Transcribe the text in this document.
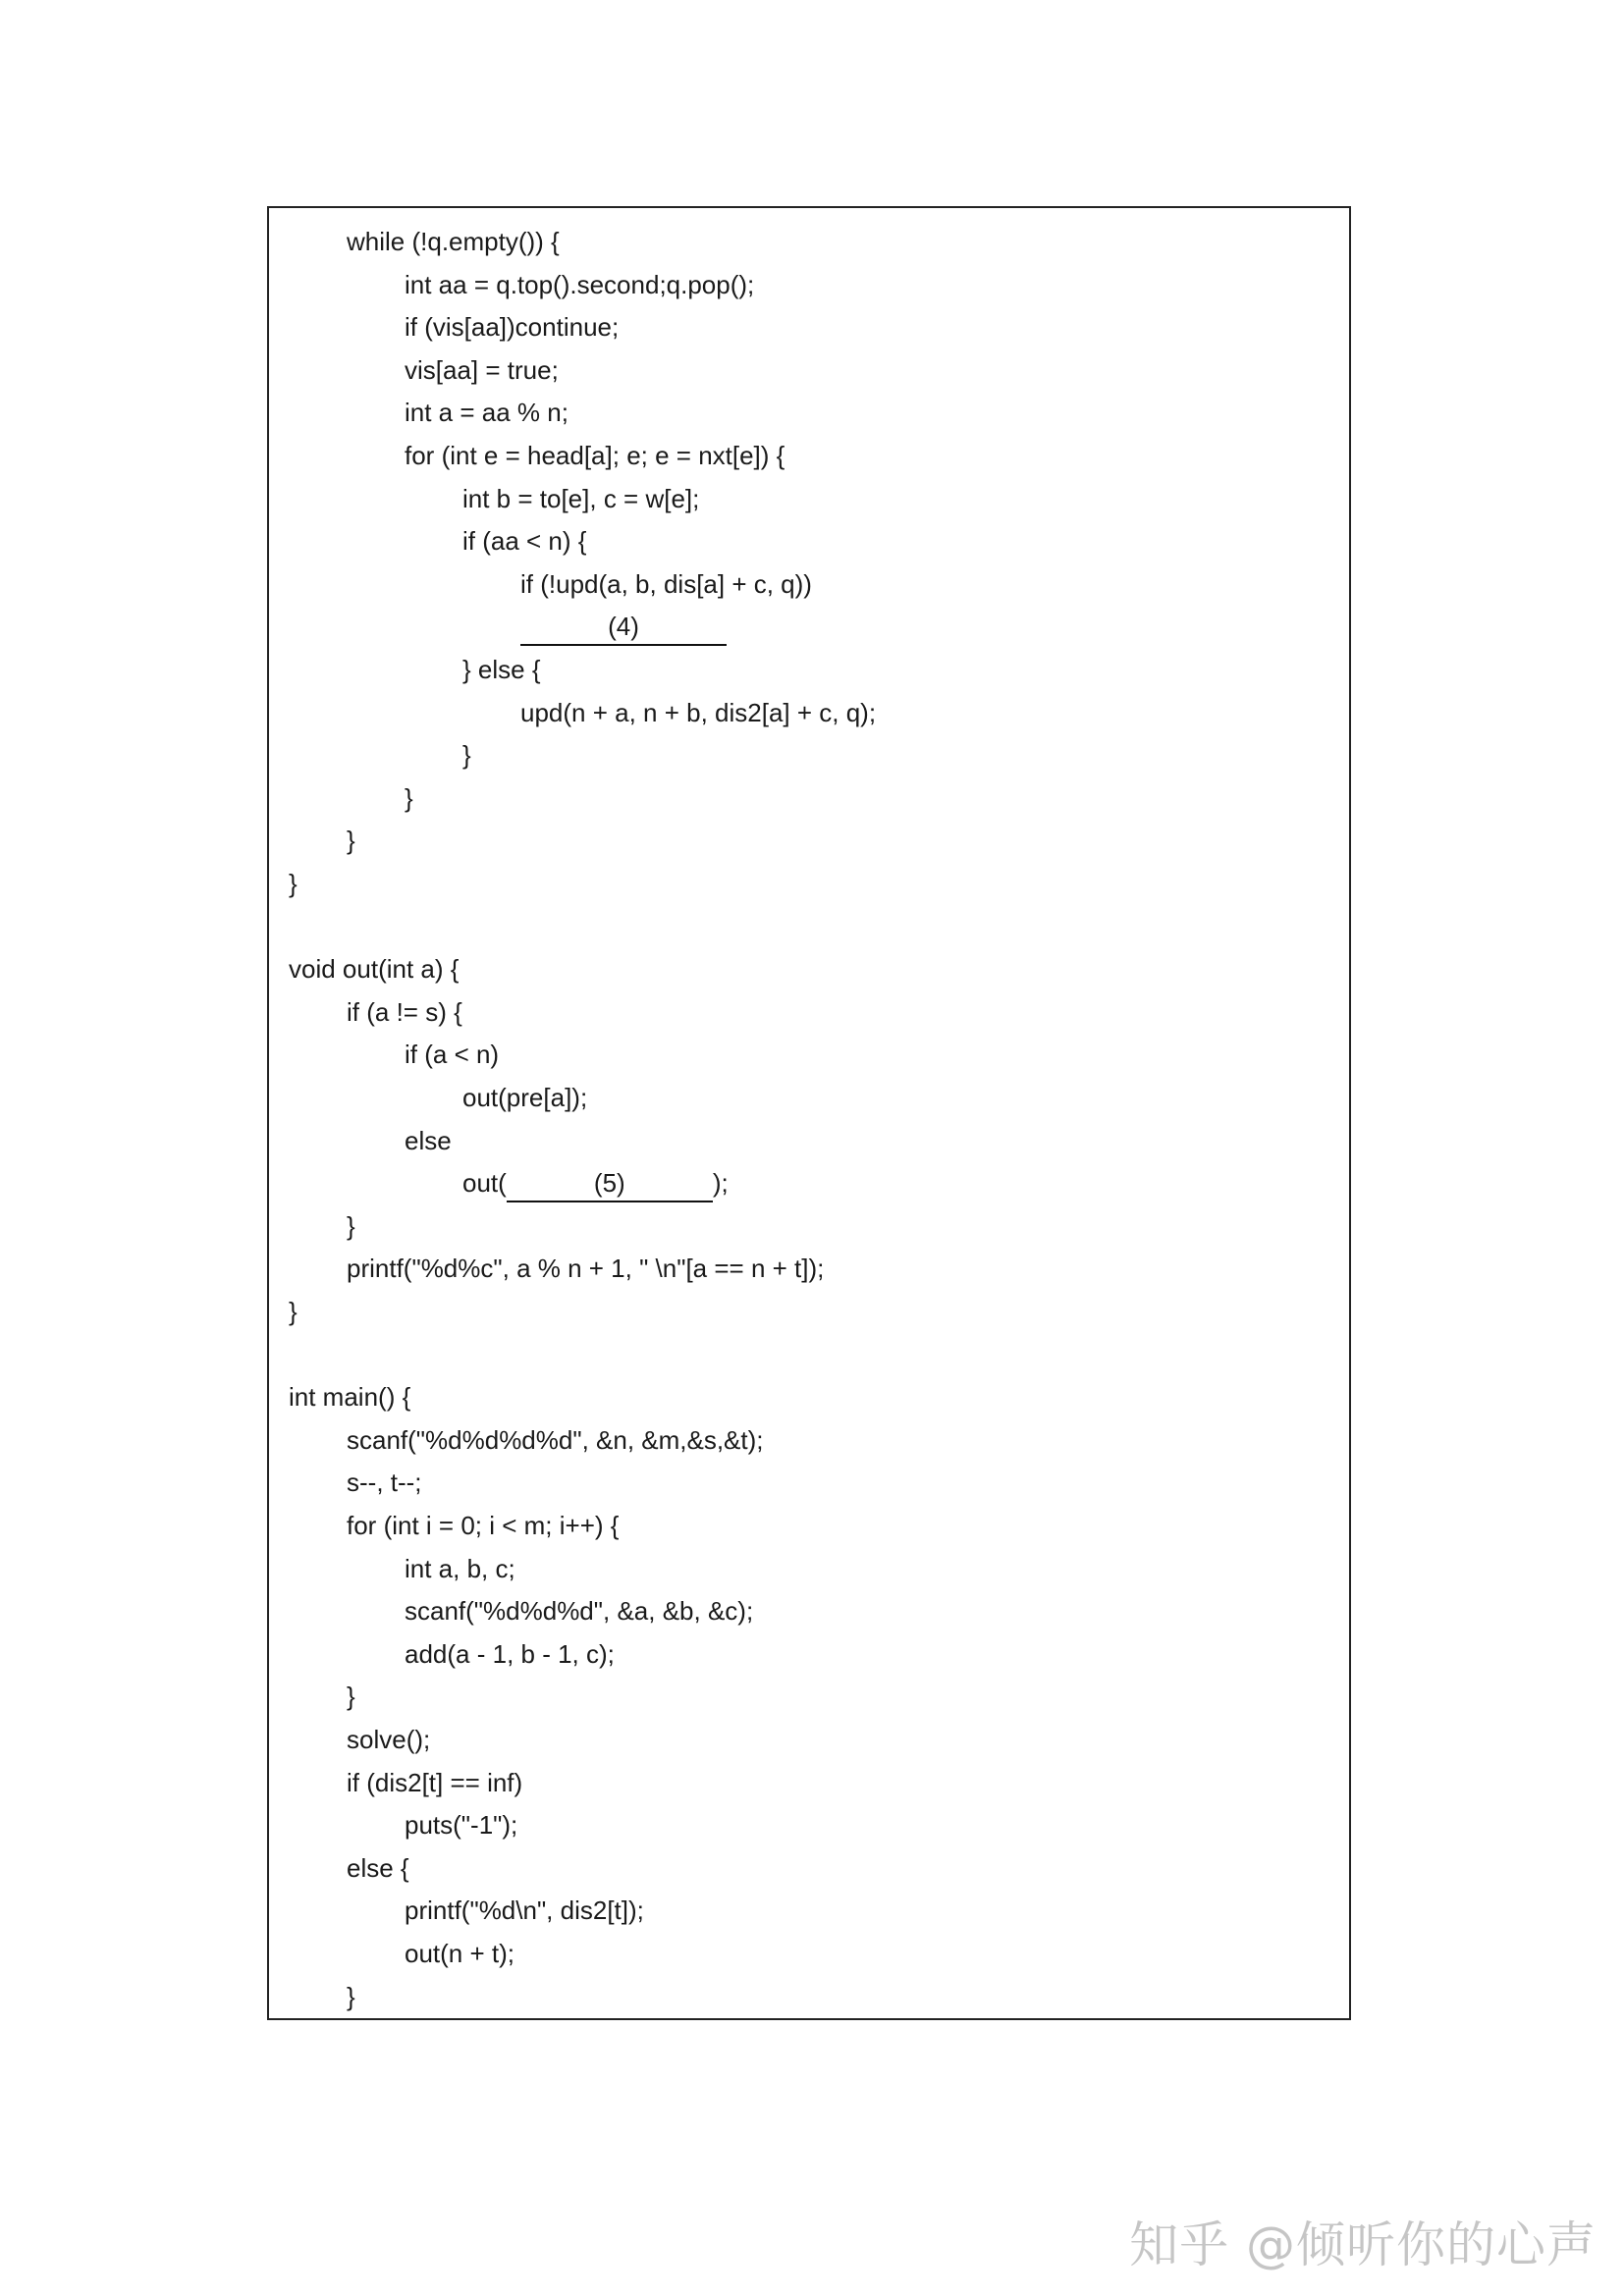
while (!q.empty()) {
int aa = q.top().second;q.pop();
if (vis[aa])continue;
vis[aa] = true;
int a = aa % n;
for (int e = head[a]; e; e = nxt[e]) {
int b = to[e], c = w[e];
if (aa < n) {
if (!upd(a, b, dis[a] + c, q))
(4)
} else {
upd(n + a, n + b, dis2[a] + c, q);
}
}
}
}
void out(int a) {
if (a != s) {
if (a < n)
out(pre[a]);
else
out(	(5)	);
}
printf("%d%c", a % n + 1, " \n"[a == n + t]);
}
int main() {
scanf("%d%d%d%d", &n, &m,&s,&t);
s--, t--;
for (int i = 0; i < m; i++) {
int a, b, c;
scanf("%d%d%d", &a, &b, &c);
add(a - 1, b - 1, c);
}
solve();
if (dis2[t] == inf)
puts("-1");
else {
printf("%d\n", dis2[t]);
out(n + t);
}
知乎 @倾听你的心声
